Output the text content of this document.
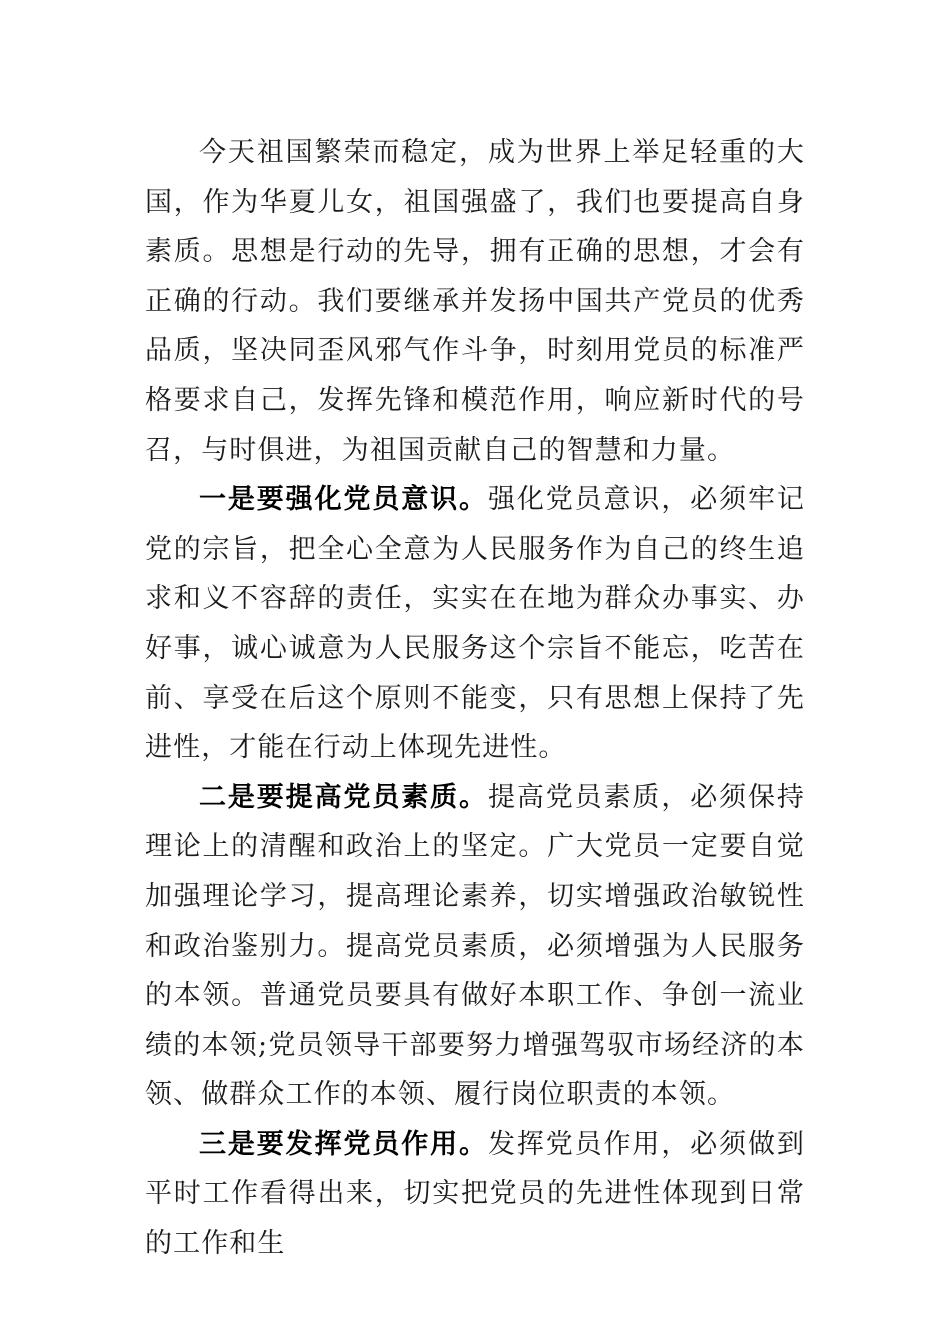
今天祖国繁荣而稳定，成为世界上举足轻重的大国，作为华夏儿女，祖国强盛了，我们也要提高自身素质。思想是行动的先导，拥有正确的思想，才会有正确的行动。我们要继承并发扬中国共产党员的优秀品质，坚决同歪风邪气作斗争，时刻用党员的标准严格要求自己，发挥先锋和模范作用，响应新时代的号召，与时俱进，为祖国贡献自己的智慧和力量。

一是要强化党员意识。强化党员意识，必须牢记党的宗旨，把全心全意为人民服务作为自己的终生追求和义不容辞的责任，实实在在地为群众办事实、办好事，诚心诚意为人民服务这个宗旨不能忘，吃苦在前、享受在后这个原则不能变，只有思想上保持了先进性，才能在行动上体现先进性。

二是要提高党员素质。提高党员素质，必须保持理论上的清醒和政治上的坚定。广大党员一定要自觉加强理论学习，提高理论素养，切实增强政治敏锐性和政治鉴别力。提高党员素质，必须增强为人民服务的本领。普通党员要具有做好本职工作、争创一流业绩的本领;党员领导干部要努力增强驾驭市场经济的本领、做群众工作的本领、履行岗位职责的本领。

三是要发挥党员作用。发挥党员作用，必须做到平时工作看得出来，切实把党员的先进性体现到日常的工作和生
